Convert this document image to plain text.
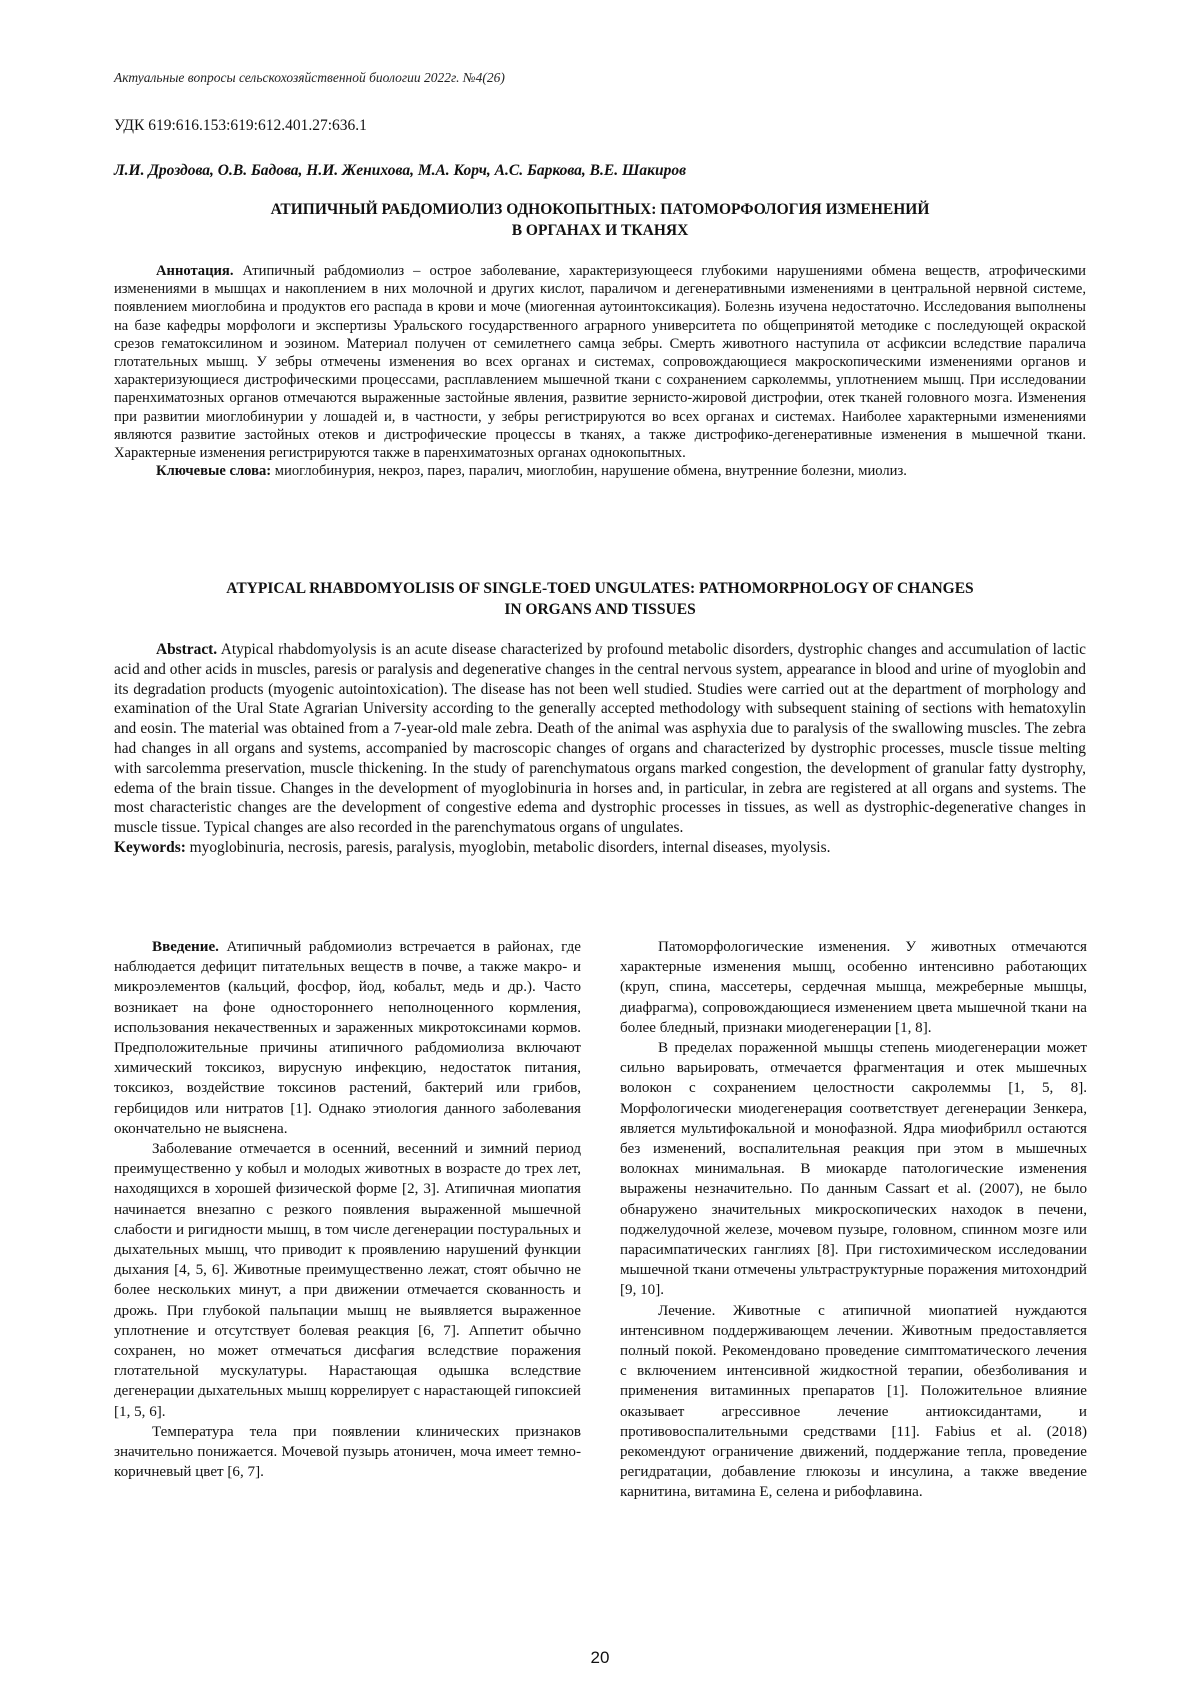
Актуальные вопросы сельскохозяйственной биологии 2022г. №4(26)
УДК 619:616.153:619:612.401.27:636.1
Л.И. Дроздова, О.В. Бадова, Н.И. Женихова, М.А. Корч, А.С. Баркова, В.Е. Шакиров
АТИПИЧНЫЙ РАБДОМИОЛИЗ ОДНОКОПЫТНЫХ: ПАТОМОРФОЛОГИЯ ИЗМЕНЕНИЙ
В ОРГАНАХ И ТКАНЯХ

Аннотация. Атипичный рабдомиолиз – острое заболевание, характеризующееся глубокими нарушениями обмена веществ, атрофическими изменениями в мышцах и накоплением в них молочной и других кислот, параличом и дегенеративными изменениями в центральной нервной системе, появлением миоглобина и продуктов его распада в крови и моче (миогенная аутоинтоксикация). Болезнь изучена недостаточно. Исследования выполнены на базе кафедры морфологи и экспертизы Уральского государственного аграрного университета по общепринятой методике с последующей окраской срезов гематоксилином и эозином. Материал получен от семилетнего самца зебры. Смерть животного наступила от асфиксии вследствие паралича глотательных мышц. У зебры отмечены изменения во всех органах и системах, сопровождающиеся макроскопическими изменениями органов и характеризующиеся дистрофическими процессами, расплавлением мышечной ткани с сохранением сарколеммы, уплотнением мышц. При исследовании паренхиматозных органов отмечаются выраженные застойные явления, развитие зернисто-жировой дистрофии, отек тканей головного мозга. Изменения при развитии миоглобинурии у лошадей и, в частности, у зебры регистрируются во всех органах и системах. Наиболее характерными изменениями являются развитие застойных отеков и дистрофические процессы в тканях, а также дистрофико-дегенеративные изменения в мышечной ткани. Характерные изменения регистрируются также в паренхиматозных органах однокопытных.

Ключевые слова: миоглобинурия, некроз, парез, паралич, миоглобин, нарушение обмена, внутренние болезни, миолиз.

ATYPICAL RHABDOMYOLISIS OF SINGLE-TOED UNGULATES: PATHOMORPHOLOGY OF CHANGES
IN ORGANS AND TISSUES

Abstract. Atypical rhabdomyolysis is an acute disease characterized by profound metabolic disorders, dystrophic changes and accumulation of lactic acid and other acids in muscles, paresis or paralysis and degenerative changes in the central nervous system, appearance in blood and urine of myoglobin and its degradation products (myogenic autointoxication). The disease has not been well studied. Studies were carried out at the department of morphology and examination of the Ural State Agrarian University according to the generally accepted methodology with subsequent staining of sections with hematoxylin and eosin. The material was obtained from a 7-year-old male zebra. Death of the animal was asphyxia due to paralysis of the swallowing muscles. The zebra had changes in all organs and systems, accompanied by macroscopic changes of organs and characterized by dystrophic processes, muscle tissue melting with sarcolemma preservation, muscle thickening. In the study of parenchymatous organs marked congestion, the development of granular fatty dystrophy, edema of the brain tissue. Changes in the development of myoglobinuria in horses and, in particular, in zebra are registered at all organs and systems. The most characteristic changes are the development of congestive edema and dystrophic processes in tissues, as well as dystrophic-degenerative changes in muscle tissue. Typical changes are also recorded in the parenchymatous organs of ungulates.

Keywords: myoglobinuria, necrosis, paresis, paralysis, myoglobin, metabolic disorders, internal diseases, myolysis.

Введение. Атипичный рабдомиолиз встречается в районах, где наблюдается дефицит питательных веществ в почве, а также макро- и микроэлементов (кальций, фосфор, йод, кобальт, медь и др.). Часто возникает на фоне одностороннего неполноценного кормления, использования некачественных и зараженных микротоксинами кормов. Предположительные причины атипичного рабдомиолиза включают химический токсикоз, вирусную инфекцию, недостаток питания, токсикоз, воздействие токсинов растений, бактерий или грибов, гербицидов или нитратов [1]. Однако этиология данного заболевания окончательно не выяснена.

Заболевание отмечается в осенний, весенний и зимний период преимущественно у кобыл и молодых животных в возрасте до трех лет, находящихся в хорошей физической форме [2, 3]. Атипичная миопатия начинается внезапно с резкого появления выраженной мышечной слабости и ригидности мышц, в том числе дегенерации постуральных и дыхательных мышц, что приводит к проявлению нарушений функции дыхания [4, 5, 6]. Животные преимущественно лежат, стоят обычно не более нескольких минут, а при движении отмечается скованность и дрожь. При глубокой пальпации мышц не выявляется выраженное уплотнение и отсутствует болевая реакция [6, 7]. Аппетит обычно сохранен, но может отмечаться дисфагия вследствие поражения глотательной мускулатуры. Нарастающая одышка вследствие дегенерации дыхательных мышц коррелирует с нарастающей гипоксией [1, 5, 6].

Температура тела при появлении клинических признаков значительно понижается. Мочевой пузырь атоничен, моча имеет темно-коричневый цвет [6, 7].

Патоморфологические изменения. У животных отмечаются характерные изменения мышц, особенно интенсивно работающих (круп, спина, массетеры, сердечная мышца, межреберные мышцы, диафрагма), сопровождающиеся изменением цвета мышечной ткани на более бледный, признаки миодегенерации [1, 8].

В пределах пораженной мышцы степень миодегенерации может сильно варьировать, отмечается фрагментация и отек мышечных волокон с сохранением целостности сакролеммы [1, 5, 8]. Морфологически миодегенерация соответствует дегенерации Зенкера, является мультифокальной и монофазной. Ядра миофибрилл остаются без изменений, воспалительная реакция при этом в мышечных волокнах минимальная. В миокарде патологические изменения выражены незначительно. По данным Cassart et al. (2007), не было обнаружено значительных микроскопических находок в печени, поджелудочной железе, мочевом пузыре, головном, спинном мозге или парасимпатических ганглиях [8]. При гистохимическом исследовании мышечной ткани отмечены ультраструктурные поражения митохондрий [9, 10].

Лечение. Животные с атипичной миопатией нуждаются интенсивном поддерживающем лечении. Животным предоставляется полный покой. Рекомендовано проведение симптоматического лечения с включением интенсивной жидкостной терапии, обезболивания и применения витаминных препаратов [1]. Положительное влияние оказывает агрессивное лечение антиоксидантами, и противовоспалительными средствами [11]. Fabius et al. (2018) рекомендуют ограничение движений, поддержание тепла, проведение регидратации, добавление глюкозы и инсулина, а также введение карнитина, витамина E, селена и рибофлавина.

20
